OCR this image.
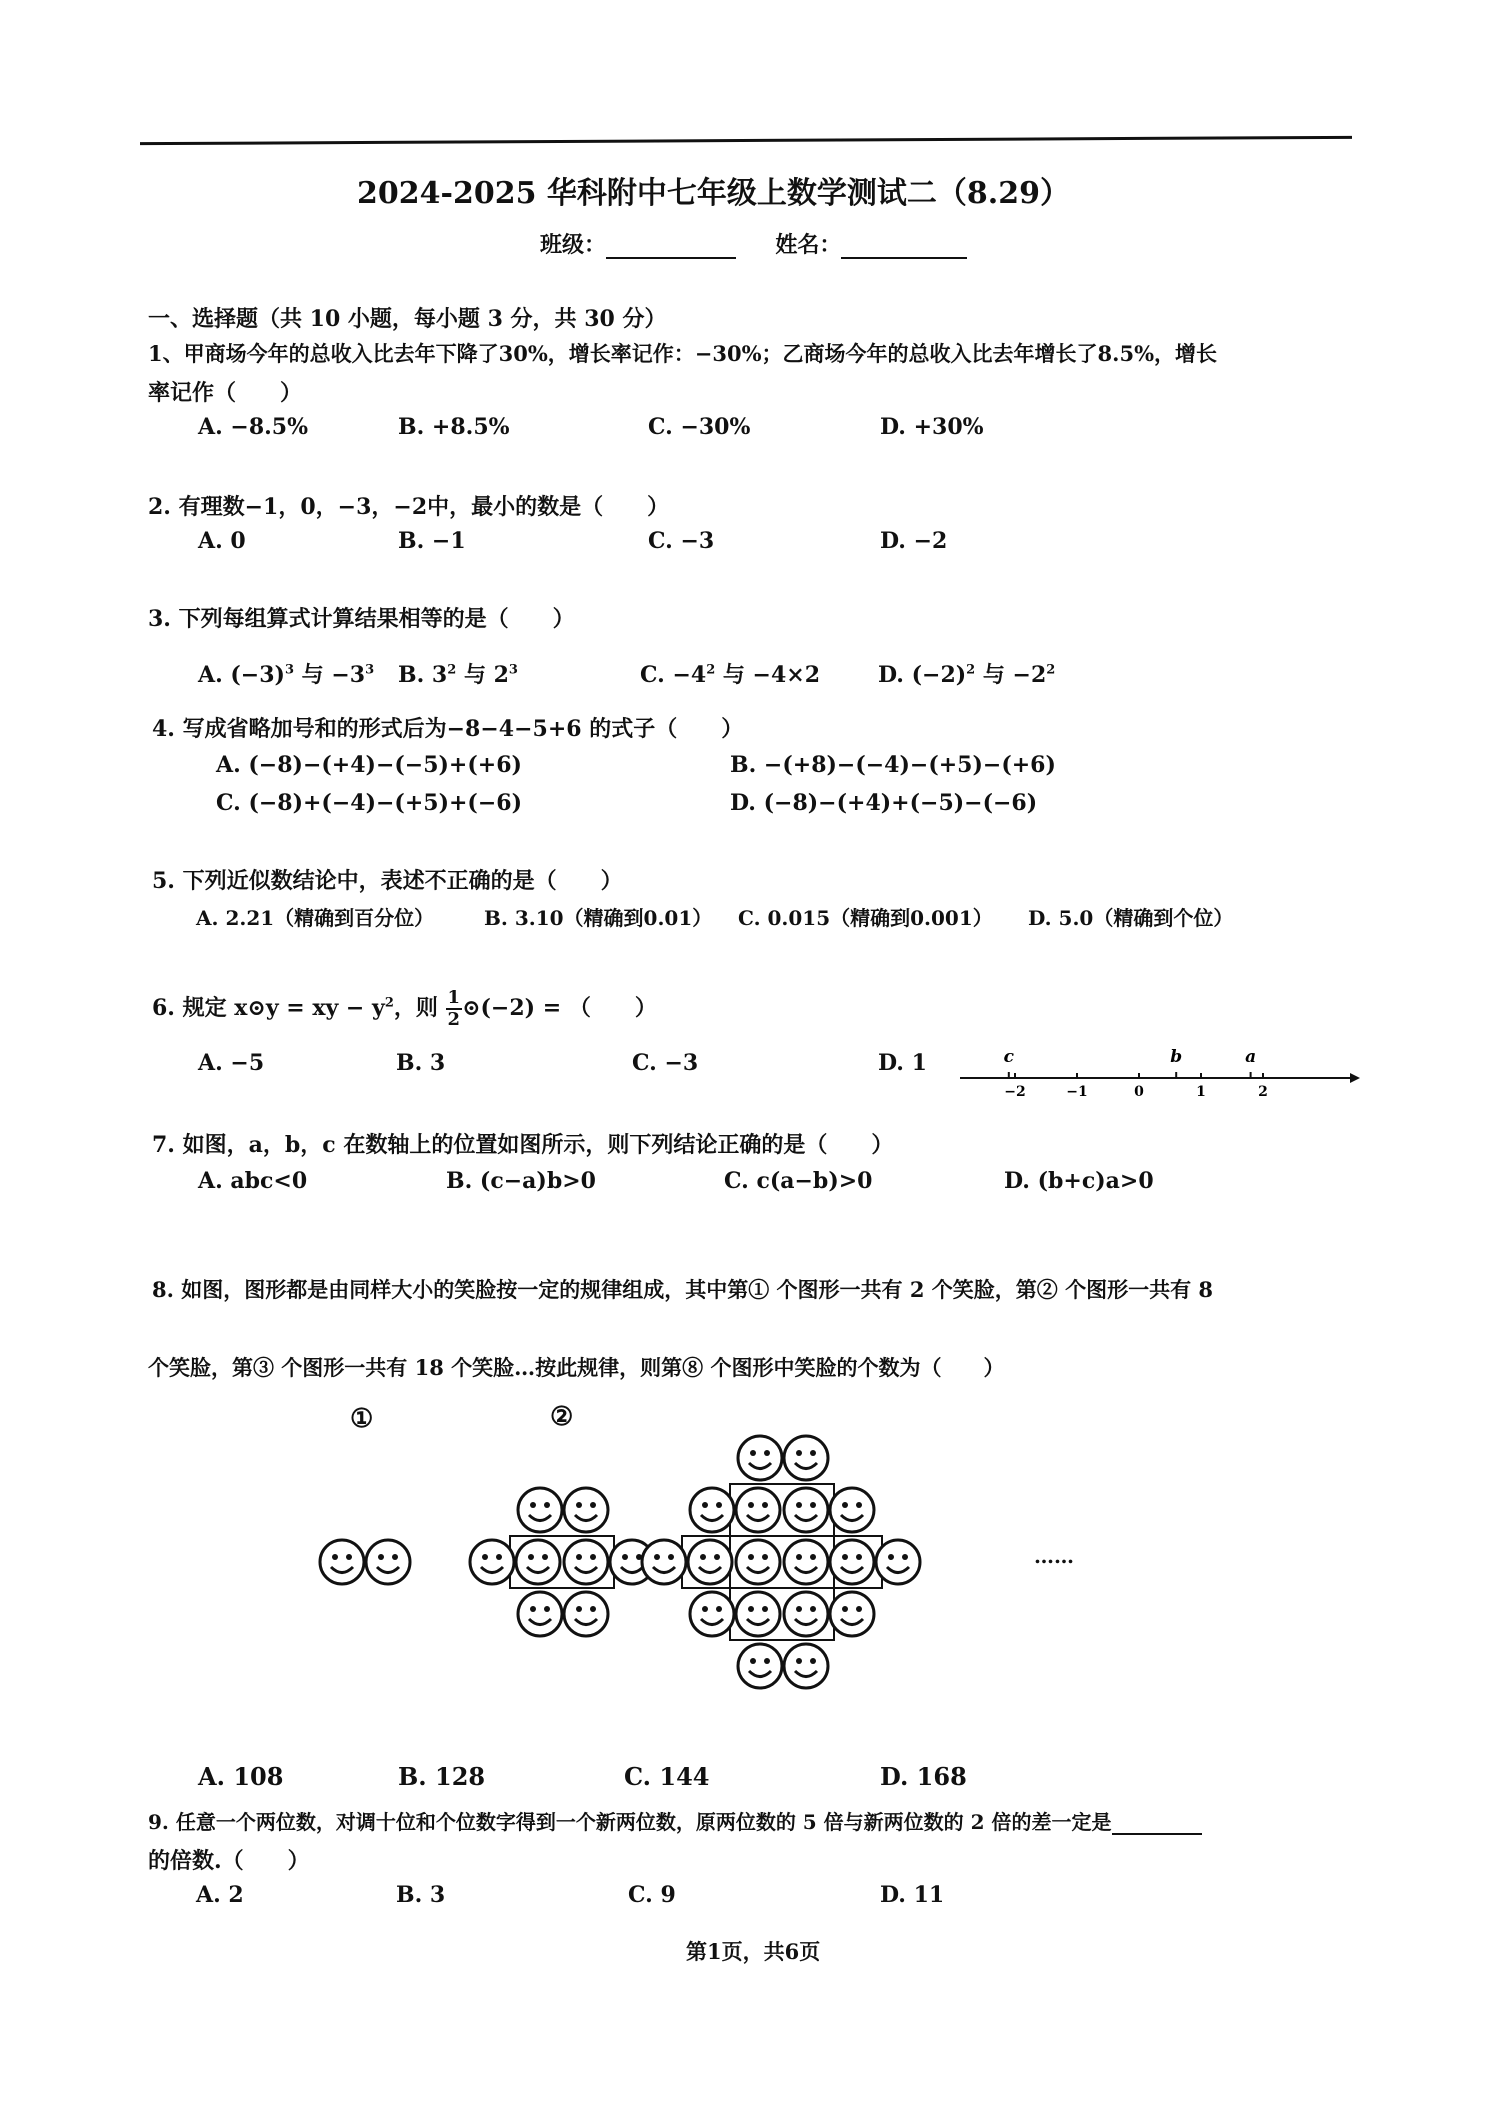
2024-2025 华科附中七年级上数学测试二（8.29）
班级：	姓名：
一、选择题（共 10 小题，每小题 3 分，共 30 分）
1、甲商场今年的总收入比去年下降了30%，增长率记作：−30%；乙商场今年的总收入比去年增长了8.5%，增长
率记作（　　）
A. −8.5%	B. +8.5%	C. −30%	D. +30%
2. 有理数−1，0，−3，−2中，最小的数是（　　）
A. 0	B. −1	C. −3	D. −2
3. 下列每组算式计算结果相等的是（　　）
A. $(-3)^3$ 与 $-3^3$ B. $3^2$ 与 $2^3$	C. $-4^2$ 与 −4×2	D. $(-2)^2$ 与 $-2^2$
4. 写成省略加号和的形式后为−8−4−5+6 的式子（　　）
A. (−8)−(+4)−(−5)+(+6)	B. −(+8)−(−4)−(+5)−(+6)
C. (−8)+(−4)−(+5)+(−6)	D. (−8)−(+4)+(−5)−(−6)
5. 下列近似数结论中，表述不正确的是（　　）
A. 2.21（精确到百分位） B. 3.10（精确到0.01） C. 0.015（精确到0.001） D. 5.0（精确到个位）
6. 规定 x⊙y = xy − $y^2$，则 $\frac{1}{2}$ ⊙(−2) = （　　）
A. −5	B. 3	C. −3	D. 1
−2	−1	0	1	2
c	b	a
7. 如图，a，b，c 在数轴上的位置如图所示，则下列结论正确的是（　　）
A. abc<0	B. (c−a)b>0	C. c(a−b)>0	D. (b+c)a>0
8. 如图，图形都是由同样大小的笑脸按一定的规律组成，其中第① 个图形一共有 2 个笑脸，第② 个图形一共有 8
个笑脸，第③ 个图形一共有 18 个笑脸…按此规律，则第⑧ 个图形中笑脸的个数为（　　）
①	②
……
A. 108	B. 128	C. 144	D. 168
9. 任意一个两位数，对调十位和个位数字得到一个新两位数，原两位数的 5 倍与新两位数的 2 倍的差一定是
的倍数.（　　）
A. 2	B. 3	C. 9	D. 11
第1页，共6页
